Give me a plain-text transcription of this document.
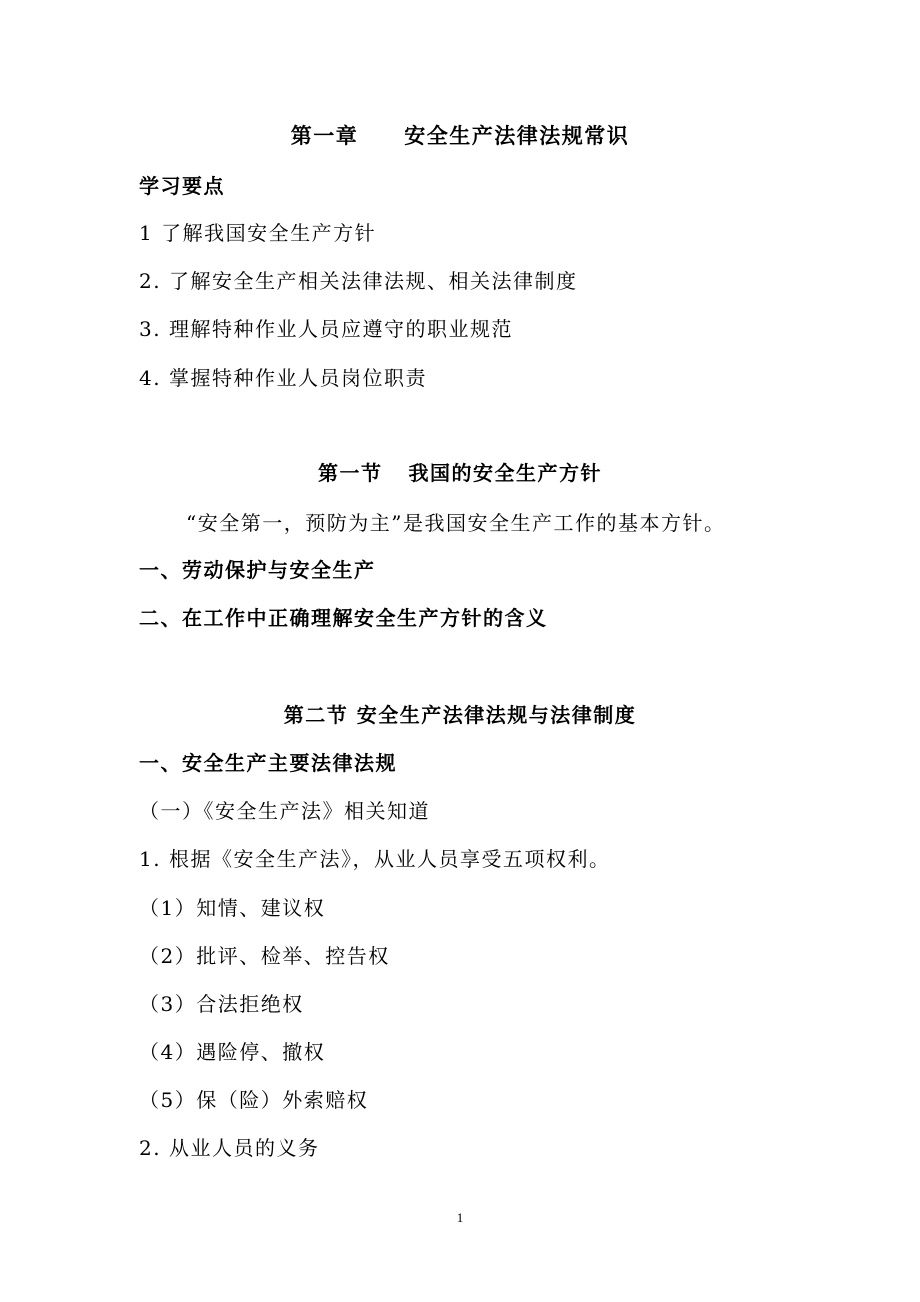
第一章 安全生产法律法规常识
学习要点
1 了解我国安全生产方针
2. 了解安全生产相关法律法规、相关法律制度
3. 理解特种作业人员应遵守的职业规范
4. 掌握特种作业人员岗位职责
第一节 我国的安全生产方针
“安全第一，预防为主”是我国安全生产工作的基本方针。
一、劳动保护与安全生产
二、在工作中正确理解安全生产方针的含义
第二节 安全生产法律法规与法律制度
一、安全生产主要法律法规
（一）《安全生产法》相关知道
1. 根据《安全生产法》，从业人员享受五项权利。
（1）知情、建议权
（2）批评、检举、控告权
（3）合法拒绝权
（4）遇险停、撤权
（5）保（险）外索赔权
2. 从业人员的义务
1
